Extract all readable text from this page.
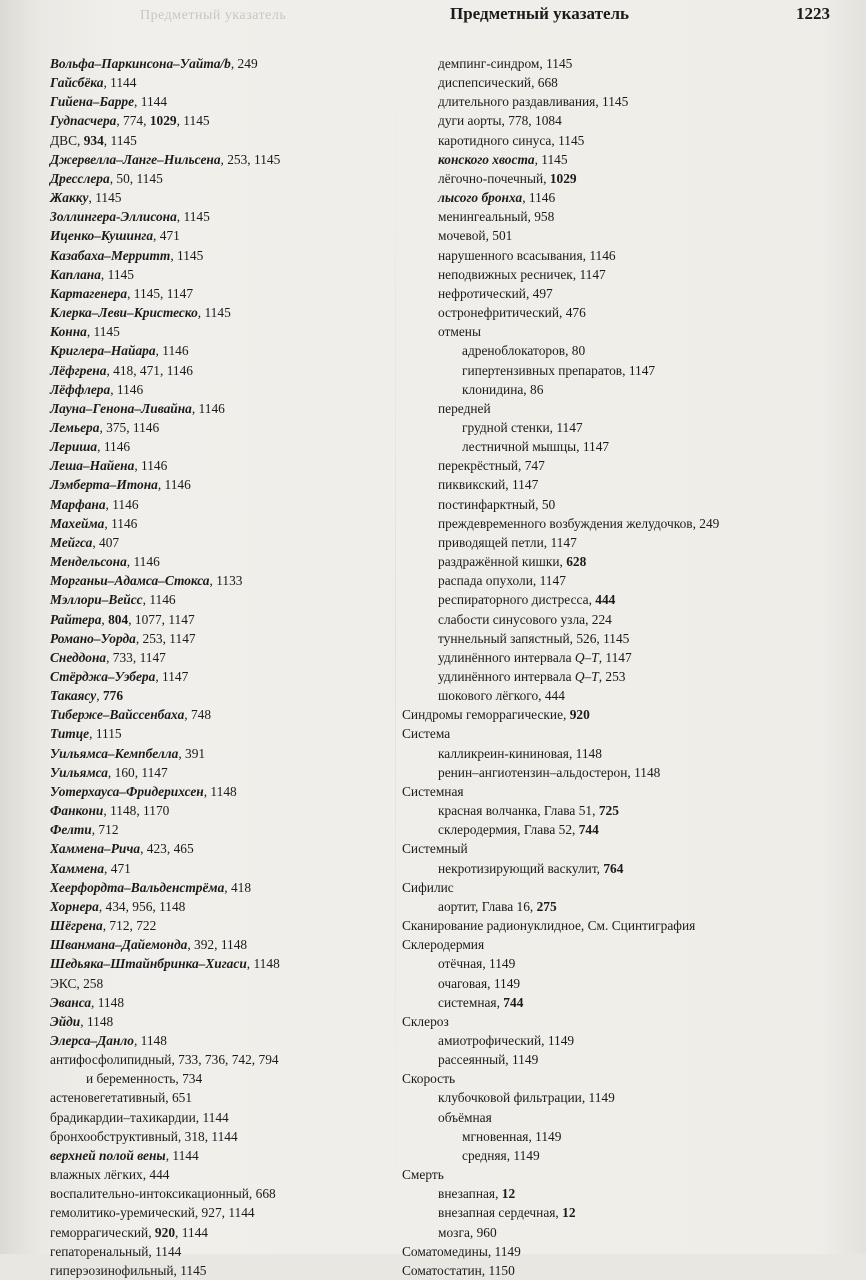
Предметный указатель	Предметный указатель	1223
Вольфа–Паркинсона–Уайта/b, 249
Гайсбёка, 1144
Гийена–Барре, 1144
Гудпасчера, 774, 1029, 1145
ДВС, 934, 1145
Джервелла–Ланге–Нильсена, 253, 1145
Дресслера, 50, 1145
Жакку, 1145
Золлингера-Эллисона, 1145
Иценко–Кушинга, 471
Казабаха–Мерритт, 1145
Каплана, 1145
Картагенера, 1145, 1147
Клерка–Леви–Кристеско, 1145
Конна, 1145
Криглера–Найара, 1146
Лёфгрена, 418, 471, 1146
Лёффлера, 1146
Лауна–Генона–Ливайна, 1146
Лемьера, 375, 1146
Лериша, 1146
Леша–Найена, 1146
Лэмберта–Итона, 1146
Марфана, 1146
Махейма, 1146
Мейгса, 407
Мендельсона, 1146
Морганьи–Адамса–Стокса, 1133
Мэллори–Вейсс, 1146
Райтера, 804, 1077, 1147
Романо–Уорда, 253, 1147
Снеддона, 733, 1147
Стёрджа–Уэбера, 1147
Такаясу, 776
Тиберже–Вайссенбаха, 748
Титце, 1115
Уильямса–Кемпбелла, 391
Уильямса, 160, 1147
Уотерхауса–Фридерихсен, 1148
Фанкони, 1148, 1170
Фелти, 712
Хаммена–Рича, 423, 465
Хаммена, 471
Хеерфордта–Вальденстрёма, 418
Хорнера, 434, 956, 1148
Шёгрена, 712, 722
Шванмана–Дайемонда, 392, 1148
Шедьяка–Штайнбринка–Хигаси, 1148
ЭКС, 258
Эванса, 1148
Эйди, 1148
Элерса–Данло, 1148
антифосфолипидный, 733, 736, 742, 794
и беременность, 734
астеновегетативный, 651
брадикардии–тахикардии, 1144
бронхообструктивный, 318, 1144
верхней полой вены, 1144
влажных лёгких, 444
воспалительно-интоксикационный, 668
гемолитико-уремический, 927, 1144
геморрагический, 920, 1144
гепаторенальный, 1144
гиперэозинофильный, 1145
демпинг-синдром, 1145
диспепсический, 668
длительного раздавливания, 1145
дуги аорты, 778, 1084
каротидного синуса, 1145
конского хвоста, 1145
лёгочно-почечный, 1029
лысого бронха, 1146
менингеальный, 958
мочевой, 501
нарушенного всасывания, 1146
неподвижных ресничек, 1147
нефротический, 497
остронефритический, 476
отмены
адреноблокаторов, 80
гипертензивных препаратов, 1147
клонидина, 86
передней
грудной стенки, 1147
лестничной мышцы, 1147
перекрёстный, 747
пиквикский, 1147
постинфарктный, 50
преждевременного возбуждения желудочков, 249
приводящей петли, 1147
раздражённой кишки, 628
распада опухоли, 1147
респираторного дистресса, 444
слабости синусового узла, 224
туннельный запястный, 526, 1145
удлинённого интервала Q–T, 1147
удлинённого интервала Q–T, 253
шокового лёгкого, 444
Синдромы геморрагические, 920
Система
калликреин-кининовая, 1148
ренин–ангиотензин–альдостерон, 1148
Системная
красная волчанка, Глава 51, 725
склеродермия, Глава 52, 744
Системный
некротизирующий васкулит, 764
Сифилис
аортит, Глава 16, 275
Сканирование радионуклидное, См. Сцинтиграфия
Склеродермия
отёчная, 1149
очаговая, 1149
системная, 744
Склероз
амиотрофический, 1149
рассеянный, 1149
Скорость
клубочковой фильтрации, 1149
объёмная
мгновенная, 1149
средняя, 1149
Смерть
внезапная, 12
внезапная сердечная, 12
мозга, 960
Соматомедины, 1149
Соматостатин, 1150
